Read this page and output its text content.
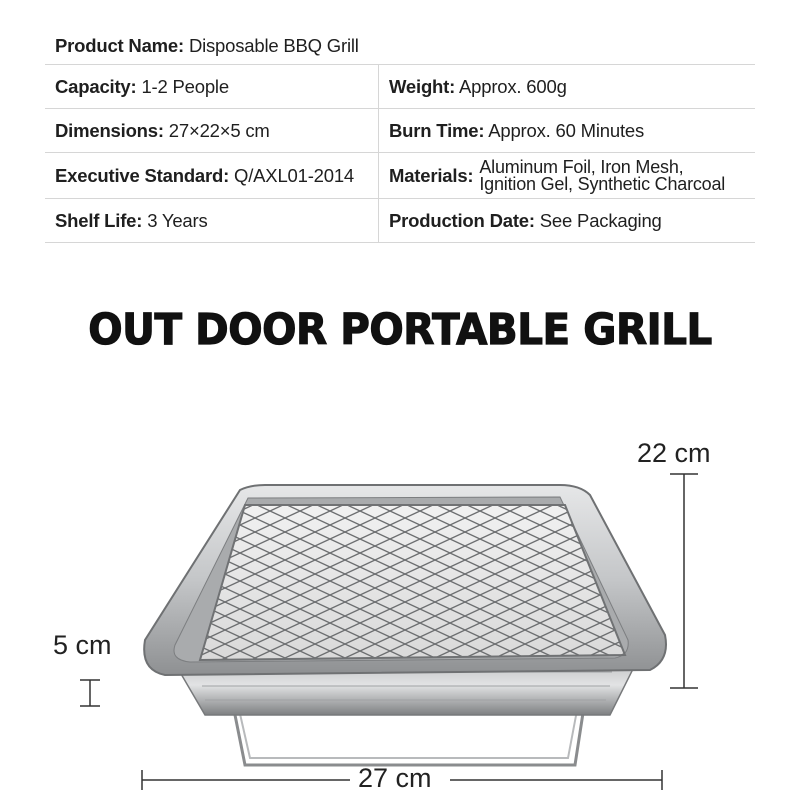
Product Name: Disposable BBQ Grill	
Capacity: 1-2 People	Weight: Approx. 600g
Dimensions: 27×22×5 cm	Burn Time: Approx. 60 Minutes
Executive Standard: Q/AXL01-2014	Materials: Aluminum Foil, Iron Mesh,
Ignition Gel, Synthetic Charcoal

Shelf Life: 3 Years	Production Date: See Packaging
OUT DOOR PORTABLE GRILL
22 cm
5 cm
27 cm
